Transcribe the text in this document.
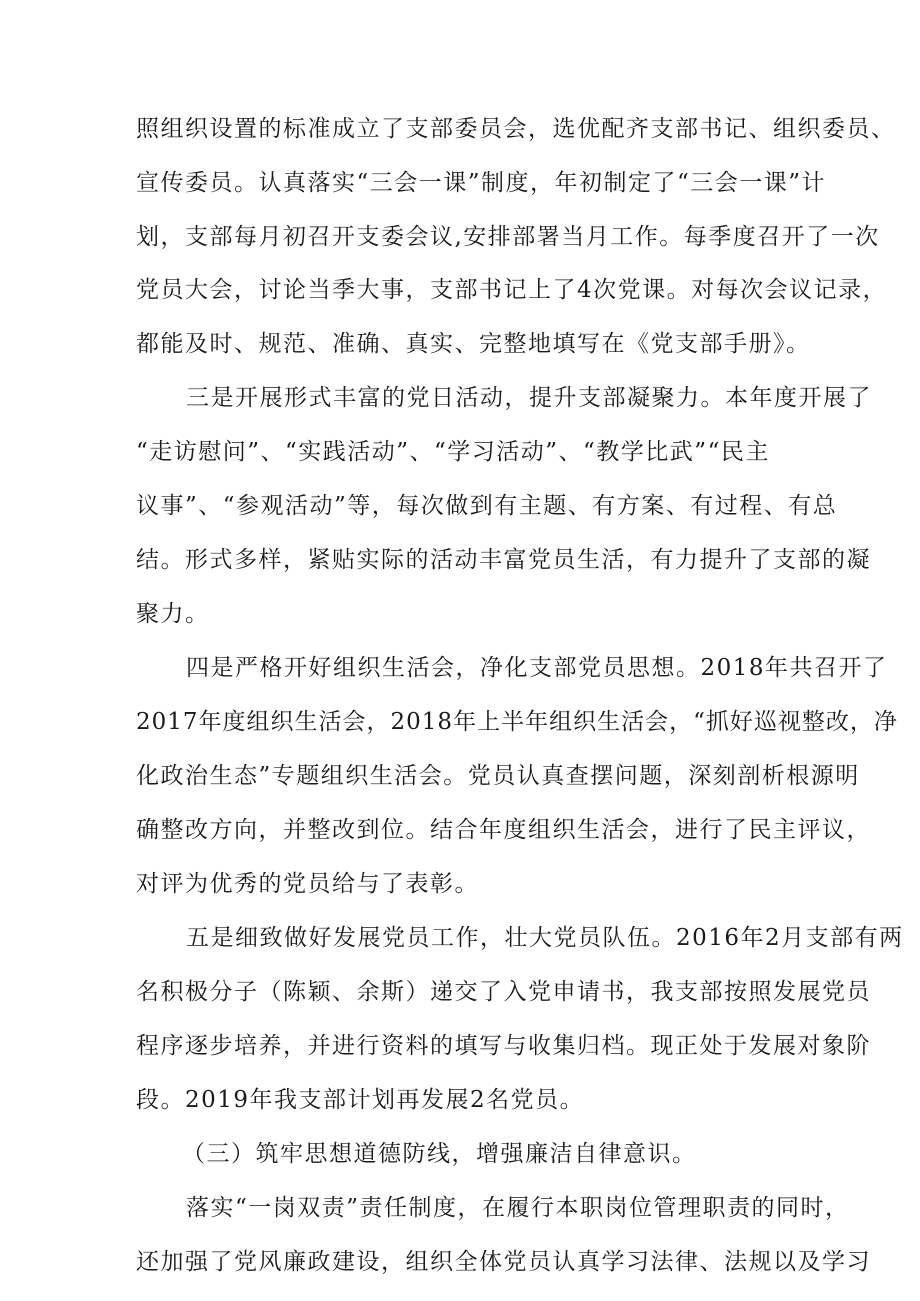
照组织设置的标准成立了支部委员会，选优配齐支部书记、组织委员、
宣传委员。认真落实“三会一课”制度，年初制定了“三会一课”计
划，支部每月初召开支委会议,安排部署当月工作。每季度召开了一次
党员大会，讨论当季大事，支部书记上了4次党课。对每次会议记录，
都能及时、规范、准确、真实、完整地填写在《党支部手册》。
三是开展形式丰富的党日活动，提升支部凝聚力。本年度开展了
“走访慰问”、“实践活动”、“学习活动”、“教学比武”“民主
议事”、“参观活动”等，每次做到有主题、有方案、有过程、有总
结。形式多样，紧贴实际的活动丰富党员生活，有力提升了支部的凝
聚力。
四是严格开好组织生活会，净化支部党员思想。2018年共召开了
2017年度组织生活会，2018年上半年组织生活会，“抓好巡视整改，净
化政治生态”专题组织生活会。党员认真查摆问题，深刻剖析根源明
确整改方向，并整改到位。结合年度组织生活会，进行了民主评议，
对评为优秀的党员给与了表彰。
五是细致做好发展党员工作，壮大党员队伍。2016年2月支部有两
名积极分子（陈颖、余斯）递交了入党申请书，我支部按照发展党员
程序逐步培养，并进行资料的填写与收集归档。现正处于发展对象阶
段。2019年我支部计划再发展2名党员。
（三）筑牢思想道德防线，增强廉洁自律意识。
落实“一岗双责”责任制度，在履行本职岗位管理职责的同时，
还加强了党风廉政建设，组织全体党员认真学习法律、法规以及学习
